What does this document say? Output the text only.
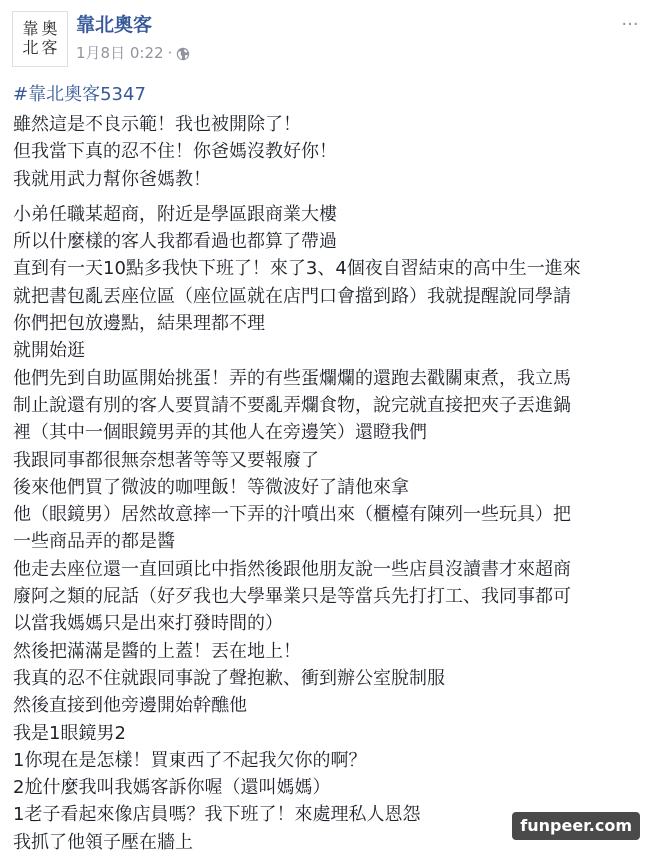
靠 奧
北 客
靠北奧客
1月8日 0:22 ·
···
#靠北奧客5347
雖然這是不良示範！我也被開除了！
但我當下真的忍不住！你爸媽沒教好你！
我就用武力幫你爸媽教！
小弟任職某超商，附近是學區跟商業大樓
所以什麼樣的客人我都看過也都算了帶過
直到有一天10點多我快下班了！來了3、4個夜自習結束的高中生一進來
就把書包亂丟座位區（座位區就在店門口會擋到路）我就提醒說同學請
你們把包放邊點，結果理都不理
就開始逛
他們先到自助區開始挑蛋！弄的有些蛋爛爛的還跑去戳關東煮，我立馬
制止說還有別的客人要買請不要亂弄爛食物，說完就直接把夾子丟進鍋
裡（其中一個眼鏡男弄的其他人在旁邊笑）還瞪我們
我跟同事都很無奈想著等等又要報廢了
後來他們買了微波的咖哩飯！等微波好了請他來拿
他（眼鏡男）居然故意摔一下弄的汁噴出來（櫃檯有陳列一些玩具）把
一些商品弄的都是醬
他走去座位還一直回頭比中指然後跟他朋友說一些店員沒讀書才來超商
廢阿之類的屁話（好歹我也大學畢業只是等當兵先打打工、我同事都可
以當我媽媽只是出來打發時間的）
然後把滿滿是醬的上蓋！丟在地上！
我真的忍不住就跟同事說了聲抱歉、衝到辦公室脫制服
然後直接到他旁邊開始幹醮他
我是1眼鏡男2
1你現在是怎樣！買東西了不起我欠你的啊？
2尬什麼我叫我媽客訴你喔（還叫媽媽）
1老子看起來像店員嗎？我下班了！來處理私人恩怨
我抓了他領子壓在牆上
funpeer.com
